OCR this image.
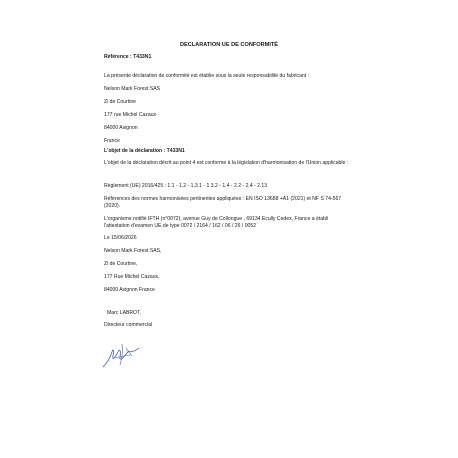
DECLARATION UE DE CONFORMITÉ
Référence : T433N1
La présente déclaration de conformité est établie sous la seule responsabilité du fabricant :
Nelson Mark Forest SAS
Zi de Courtine
177 rue Michel Cazaux
84000 Avignon
France
L'objet de la déclaration : T433N1
L'objet de la déclaration décrit au point 4 est conforme à la législation d'harmonisation de l'Union applicable :
Règlement (UE) 2016/425 : 1.1 - 1.2 - 1.3.1 - 1.3.2 - 1.4 - 2.2 - 2.4 - 2.13
Références des normes harmonisées pertinentes appliquées : EN ISO 13688 +A1 (2021) et NF S 74-567 (2020).
L'organisme notifié IFTH (n°0072), avenue Guy de Collongue , 69134 Ecully Cedex, France a établi l'attestation d'examen UE de type 0072 / 2164 / 162 / 06 / 26 / 0052
Le 15/06/2026
Nelson Mark Forest SAS,
Zi de Courtine,
177 Rue Michel Cazaux,
84000 Avignon France
Marc LABROT,
Directeur commercial
